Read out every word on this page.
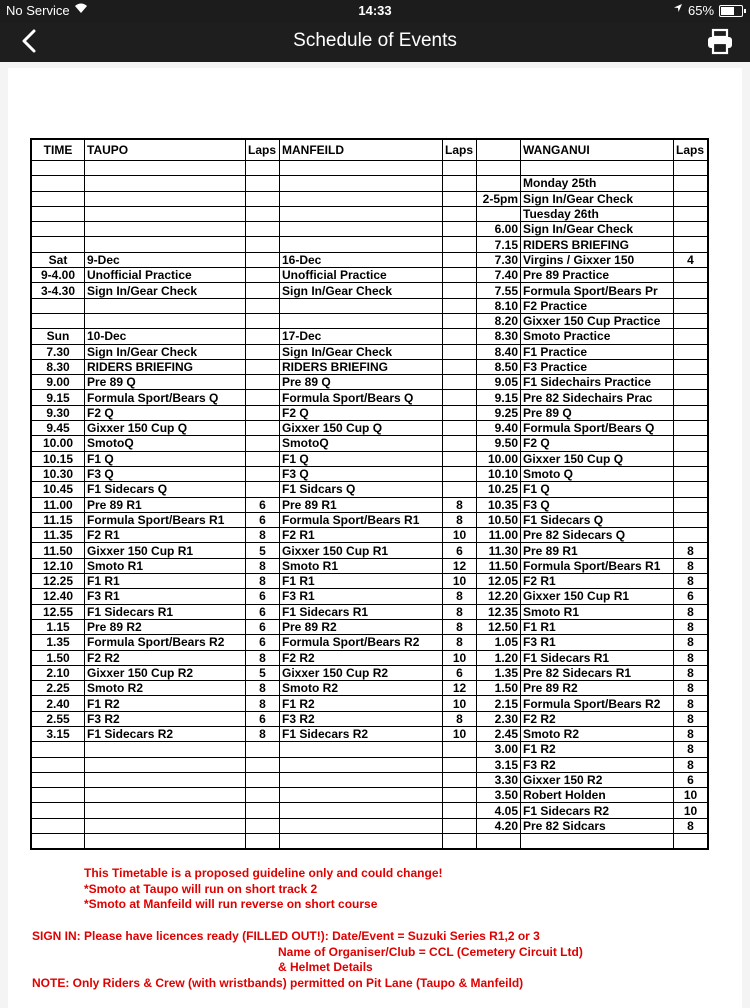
No Service	14:33	65%
Schedule of Events
TIME	TAUPO	Laps	MANFEILD	Laps		WANGANUI	Laps

						Monday 25th	
					2-5pm	Sign In/Gear Check	
						Tuesday 26th	
					6.00	Sign In/Gear Check	
					7.15	RIDERS BRIEFING	
Sat	9-Dec		16-Dec		7.30	Virgins / Gixxer 150	4
9-4.00	Unofficial Practice		Unofficial Practice		7.40	Pre 89 Practice	
3-4.30	Sign In/Gear Check		Sign In/Gear Check		7.55	Formula Sport/Bears Pr	
					8.10	F2 Practice	
					8.20	Gixxer 150 Cup Practice	
Sun	10-Dec		17-Dec		8.30	Smoto Practice	
7.30	Sign In/Gear Check		Sign In/Gear Check		8.40	F1 Practice	
8.30	RIDERS BRIEFING		RIDERS BRIEFING		8.50	F3 Practice	
9.00	Pre 89 Q		Pre 89 Q		9.05	F1 Sidechairs Practice	
9.15	Formula Sport/Bears Q		Formula Sport/Bears Q		9.15	Pre 82 Sidechairs Prac	
9.30	F2 Q		F2 Q		9.25	Pre 89 Q	
9.45	Gixxer 150 Cup Q		Gixxer 150 Cup Q		9.40	Formula Sport/Bears Q	
10.00	SmotoQ		SmotoQ		9.50	F2 Q	
10.15	F1 Q		F1 Q		10.00	Gixxer 150 Cup Q	
10.30	F3 Q		F3 Q		10.10	Smoto Q	
10.45	F1 Sidecars Q		F1 Sidcars Q		10.25	F1 Q	
11.00	Pre 89 R1	6	Pre 89 R1	8	10.35	F3 Q	
11.15	Formula Sport/Bears R1	6	Formula Sport/Bears R1	8	10.50	F1 Sidecars Q	
11.35	F2 R1	8	F2 R1	10	11.00	Pre 82 Sidecars Q	
11.50	Gixxer 150 Cup R1	5	Gixxer 150 Cup R1	6	11.30	Pre 89 R1	8
12.10	Smoto R1	8	Smoto R1	12	11.50	Formula Sport/Bears R1	8
12.25	F1 R1	8	F1 R1	10	12.05	F2 R1	8
12.40	F3 R1	6	F3 R1	8	12.20	Gixxer 150 Cup R1	6
12.55	F1 Sidecars R1	6	F1 Sidecars R1	8	12.35	Smoto R1	8
1.15	Pre 89 R2	6	Pre 89 R2	8	12.50	F1 R1	8
1.35	Formula Sport/Bears R2	6	Formula Sport/Bears R2	8	1.05	F3 R1	8
1.50	F2 R2	8	F2 R2	10	1.20	F1 Sidecars R1	8
2.10	Gixxer 150 Cup R2	5	Gixxer 150 Cup R2	6	1.35	Pre 82 Sidecars R1	8
2.25	Smoto R2	8	Smoto R2	12	1.50	Pre 89 R2	8
2.40	F1 R2	8	F1 R2	10	2.15	Formula Sport/Bears R2	8
2.55	F3 R2	6	F3 R2	8	2.30	F2 R2	8
3.15	F1 Sidecars R2	8	F1 Sidecars R2	10	2.45	Smoto R2	8
					3.00	F1 R2	8
					3.15	F3 R2	8
					3.30	Gixxer 150 R2	6
					3.50	Robert Holden	10
					4.05	F1 Sidecars R2	10
					4.20	Pre 82 Sidcars	8

This Timetable is a proposed guideline only and could change!
*Smoto at Taupo will run on short track 2
*Smoto at Manfeild will run reverse on short course
SIGN IN: Please have licences ready (FILLED OUT!): Date/Event = Suzuki Series R1,2 or 3
Name of Organiser/Club = CCL (Cemetery Circuit Ltd)
& Helmet Details
NOTE: Only Riders & Crew (with wristbands) permitted on Pit Lane (Taupo & Manfeild)
